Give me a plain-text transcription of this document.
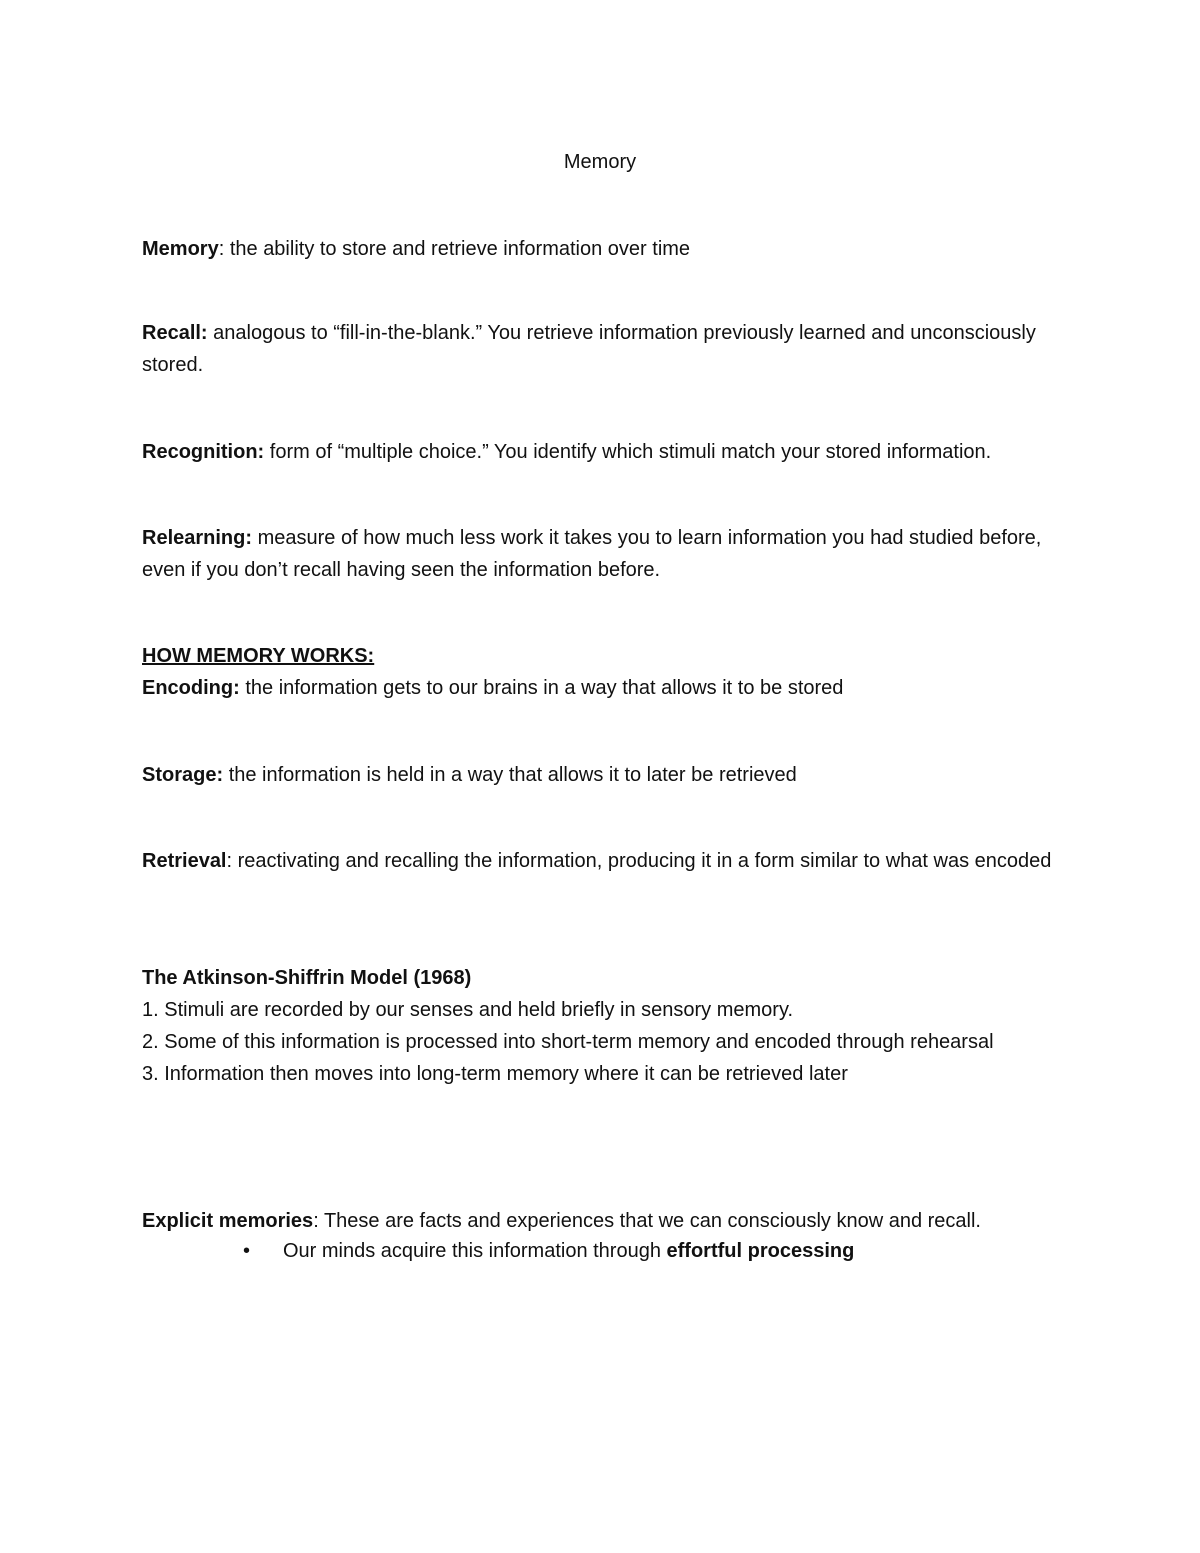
Memory
Memory: the ability to store and retrieve information over time
Recall: analogous to “fill-in-the-blank.” You retrieve information previously learned and unconsciously stored.
Recognition: form of “multiple choice.” You identify which stimuli match your stored information.
Relearning: measure of how much less work it takes you to learn information you had studied before, even if you don’t recall having seen the information before.
HOW MEMORY WORKS:
Encoding: the information gets to our brains in a way that allows it to be stored
Storage: the information is held in a way that allows it to later be retrieved
Retrieval: reactivating and recalling the information, producing it in a form similar to what was encoded
The Atkinson-Shiffrin Model (1968)
1. Stimuli are recorded by our senses and held briefly in sensory memory.
2. Some of this information is processed into short-term memory and encoded through rehearsal
3. Information then moves into long-term memory where it can be retrieved later
Explicit memories: These are facts and experiences that we can consciously know and recall.
•	Our minds acquire this information through effortful processing
